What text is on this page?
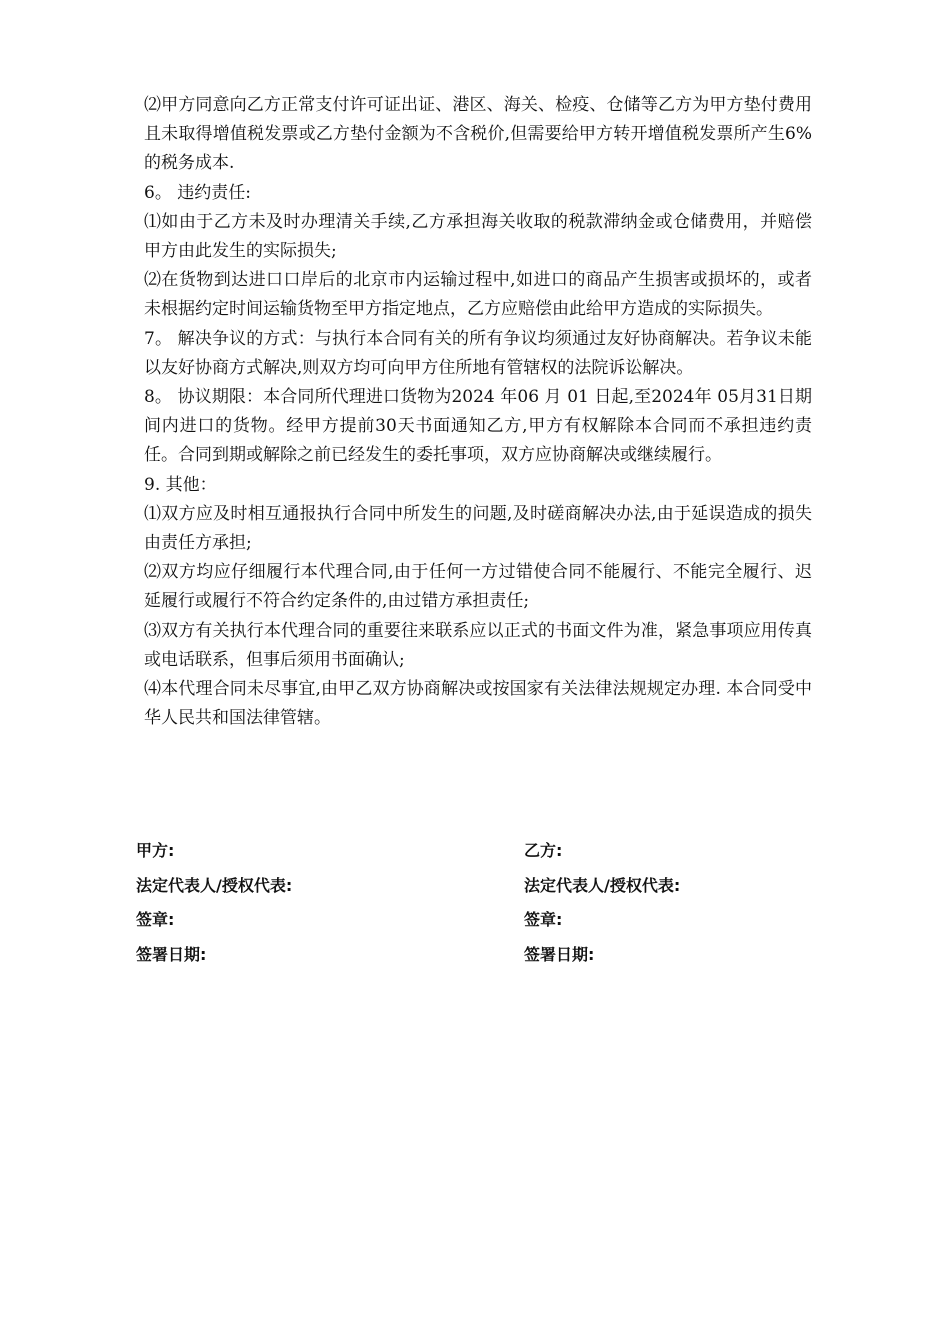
⑵甲方同意向乙方正常支付许可证出证、港区、海关、检疫、仓储等乙方为甲方垫付费用且未取得增值税发票或乙方垫付金额为不含税价,但需要给甲方转开增值税发票所产生6%的税务成本.

6。 违约责任:

⑴如由于乙方未及时办理清关手续,乙方承担海关收取的税款滞纳金或仓储费用，并赔偿甲方由此发生的实际损失;

⑵在货物到达进口口岸后的北京市内运输过程中,如进口的商品产生损害或损坏的，或者未根据约定时间运输货物至甲方指定地点，乙方应赔偿由此给甲方造成的实际损失。

7。 解决争议的方式：与执行本合同有关的所有争议均须通过友好协商解决。若争议未能以友好协商方式解决,则双方均可向甲方住所地有管辖权的法院诉讼解决。

8。 协议期限：本合同所代理进口货物为2024 年06 月 01 日起,至2024年 05月31日期间内进口的货物。经甲方提前30天书面通知乙方,甲方有权解除本合同而不承担违约责任。合同到期或解除之前已经发生的委托事项，双方应协商解决或继续履行。

9. 其他：

⑴双方应及时相互通报执行合同中所发生的问题,及时磋商解决办法,由于延误造成的损失由责任方承担;

⑵双方均应仔细履行本代理合同,由于任何一方过错使合同不能履行、不能完全履行、迟延履行或履行不符合约定条件的,由过错方承担责任;

⑶双方有关执行本代理合同的重要往来联系应以正式的书面文件为准，紧急事项应用传真或电话联系，但事后须用书面确认;

⑷本代理合同未尽事宜,由甲乙双方协商解决或按国家有关法律法规规定办理. 本合同受中华人民共和国法律管辖。

甲方:	乙方:
法定代表人/授权代表:	法定代表人/授权代表:
签章:	签章:
签署日期:	签署日期:
